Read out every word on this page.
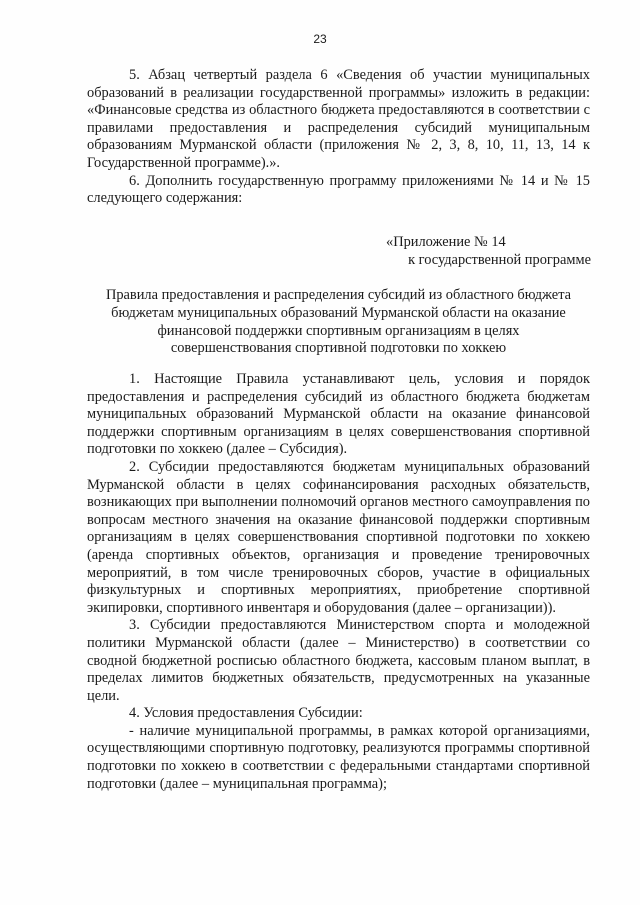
23

5. Абзац четвертый раздела 6 «Сведения об участии муниципальных образований в реализации государственной программы» изложить в редакции: «Финансовые средства из областного бюджета предоставляются в соответствии с правилами предоставления и распределения субсидий муниципальным образованиям Мурманской области (приложения № 2, 3, 8, 10, 11, 13, 14 к Государственной программе).».

6. Дополнить государственную программу приложениями № 14 и № 15 следующего содержания:

«Приложение № 14
к государственной программе
Правила предоставления и распределения субсидий из областного бюджета
бюджетам муниципальных образований Мурманской области на оказание
финансовой поддержки спортивным организациям в целях
совершенствования спортивной подготовки по хоккею

1. Настоящие Правила устанавливают цель, условия и порядок предоставления и распределения субсидий из областного бюджета бюджетам муниципальных образований Мурманской области на оказание финансовой поддержки спортивным организациям в целях совершенствования спортивной подготовки по хоккею (далее – Субсидия).

2. Субсидии предоставляются бюджетам муниципальных образований Мурманской области в целях софинансирования расходных обязательств, возникающих при выполнении полномочий органов местного самоуправления по вопросам местного значения на оказание финансовой поддержки спортивным организациям в целях совершенствования спортивной подготовки по хоккею (аренда спортивных объектов, организация и проведение тренировочных мероприятий, в том числе тренировочных сборов, участие в официальных физкультурных и спортивных мероприятиях, приобретение спортивной экипировки, спортивного инвентаря и оборудования (далее – организации)).

3. Субсидии предоставляются Министерством спорта и молодежной политики Мурманской области (далее – Министерство) в соответствии со сводной бюджетной росписью областного бюджета, кассовым планом выплат, в пределах лимитов бюджетных обязательств, предусмотренных на указанные цели.

4. Условия предоставления Субсидии:

- наличие муниципальной программы, в рамках которой организациями, осуществляющими спортивную подготовку, реализуются программы спортивной подготовки по хоккею в соответствии с федеральными стандартами спортивной подготовки (далее – муниципальная программа);
